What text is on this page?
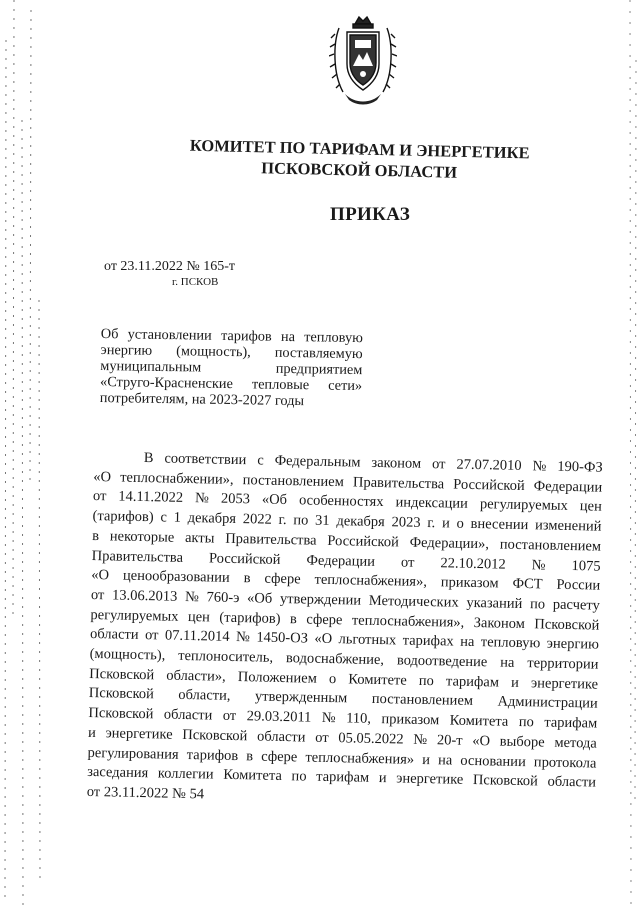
КОМИТЕТ ПО ТАРИФАМ И ЭНЕРГЕТИКЕ
ПСКОВСКОЙ ОБЛАСТИ
ПРИКАЗ
от 23.11.2022 № 165-т
г. ПСКОВ
Об установлении тарифов на тепловую
энергию (мощность), поставляемую
муниципальным предприятием
«Струго-Красненские тепловые сети»
потребителям, на 2023-2027 годы
В соответствии с Федеральным законом от 27.07.2010 № 190-ФЗ
«О теплоснабжении», постановлением Правительства Российской Федерации
от 14.11.2022 № 2053 «Об особенностях индексации регулируемых цен
(тарифов) с 1 декабря 2022 г. по 31 декабря 2023 г. и о внесении изменений
в некоторые акты Правительства Российской Федерации», постановлением
Правительства Российской Федерации от 22.10.2012 № 1075
«О ценообразовании в сфере теплоснабжения», приказом ФСТ России
от 13.06.2013 № 760-э «Об утверждении Методических указаний по расчету
регулируемых цен (тарифов) в сфере теплоснабжения», Законом Псковской
области от 07.11.2014 № 1450-ОЗ «О льготных тарифах на тепловую энергию
(мощность), теплоноситель, водоснабжение, водоотведение на территории
Псковской области», Положением о Комитете по тарифам и энергетике
Псковской области, утвержденным постановлением Администрации
Псковской области от 29.03.2011 № 110, приказом Комитета по тарифам
и энергетике Псковской области от 05.05.2022 № 20-т «О выборе метода
регулирования тарифов в сфере теплоснабжения» и на основании протокола
заседания коллегии Комитета по тарифам и энергетике Псковской области
от 23.11.2022 № 54
